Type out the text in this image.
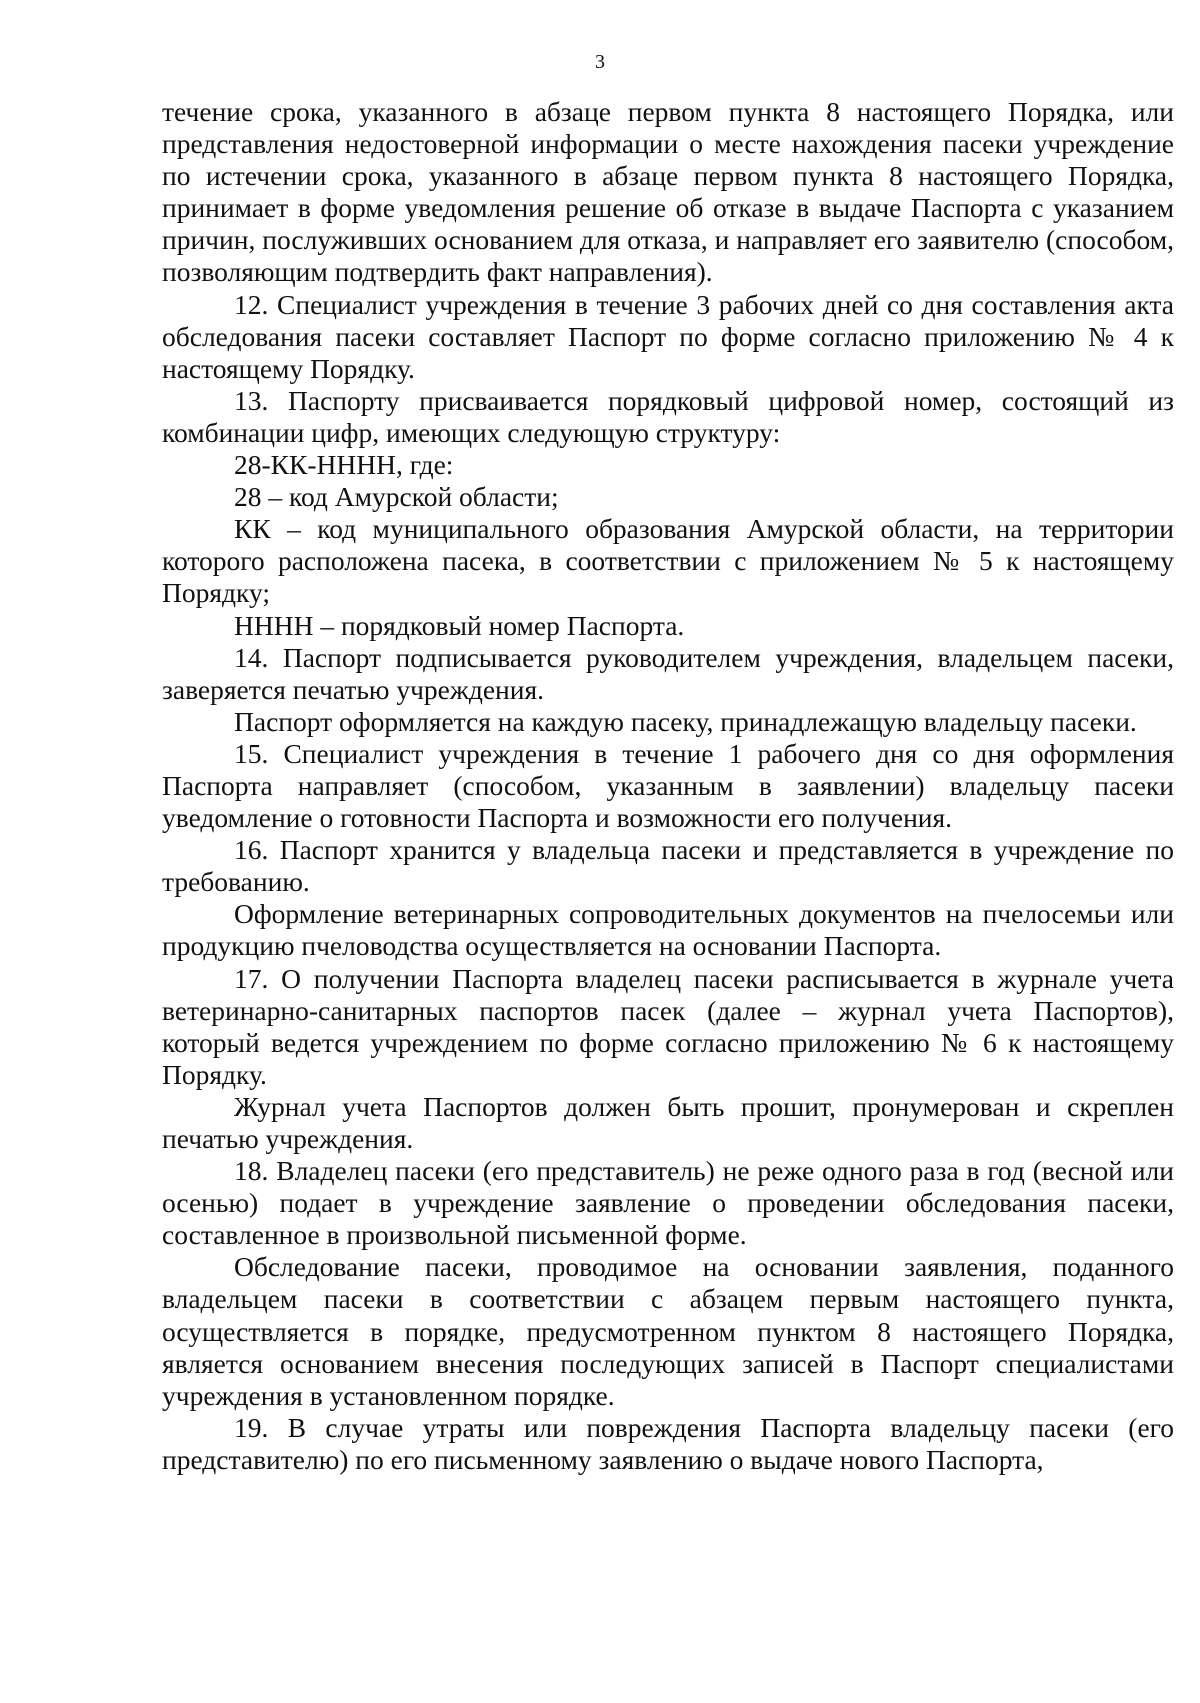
3

течение срока, указанного в абзаце первом пункта 8 настоящего Порядка, или представления недостоверной информации о месте нахождения пасеки учреждение по истечении срока, указанного в абзаце первом пункта 8 настоящего Порядка, принимает в форме уведомления решение об отказе в выдаче Паспорта с указанием причин, послуживших основанием для отказа, и направляет его заявителю (способом, позволяющим подтвердить факт направления).

12. Специалист учреждения в течение 3 рабочих дней со дня составления акта обследования пасеки составляет Паспорт по форме согласно приложению № 4 к настоящему Порядку.

13. Паспорту присваивается порядковый цифровой номер, состоящий из комбинации цифр, имеющих следующую структуру:

28-КК-НННН, где:

28 – код Амурской области;

КК – код муниципального образования Амурской области, на территории которого расположена пасека, в соответствии с приложением № 5 к настоящему Порядку;

НННН – порядковый номер Паспорта.

14. Паспорт подписывается руководителем учреждения, владельцем пасеки, заверяется печатью учреждения.

Паспорт оформляется на каждую пасеку, принадлежащую владельцу пасеки.

15. Специалист учреждения в течение 1 рабочего дня со дня оформления Паспорта направляет (способом, указанным в заявлении) владельцу пасеки уведомление о готовности Паспорта и возможности его получения.

16. Паспорт хранится у владельца пасеки и представляется в учреждение по требованию.

Оформление ветеринарных сопроводительных документов на пчелосемьи или продукцию пчеловодства осуществляется на основании Паспорта.

17. О получении Паспорта владелец пасеки расписывается в журнале учета ветеринарно-санитарных паспортов пасек (далее – журнал учета Паспортов), который ведется учреждением по форме согласно приложению № 6 к настоящему Порядку.

Журнал учета Паспортов должен быть прошит, пронумерован и скреплен печатью учреждения.

18. Владелец пасеки (его представитель) не реже одного раза в год (весной или осенью) подает в учреждение заявление о проведении обследования пасеки, составленное в произвольной письменной форме.

Обследование пасеки, проводимое на основании заявления, поданного владельцем пасеки в соответствии с абзацем первым настоящего пункта, осуществляется в порядке, предусмотренном пунктом 8 настоящего Порядка, является основанием внесения последующих записей в Паспорт специалистами учреждения в установленном порядке.

19. В случае утраты или повреждения Паспорта владельцу пасеки (его представителю) по его письменному заявлению о выдаче нового Паспорта,
